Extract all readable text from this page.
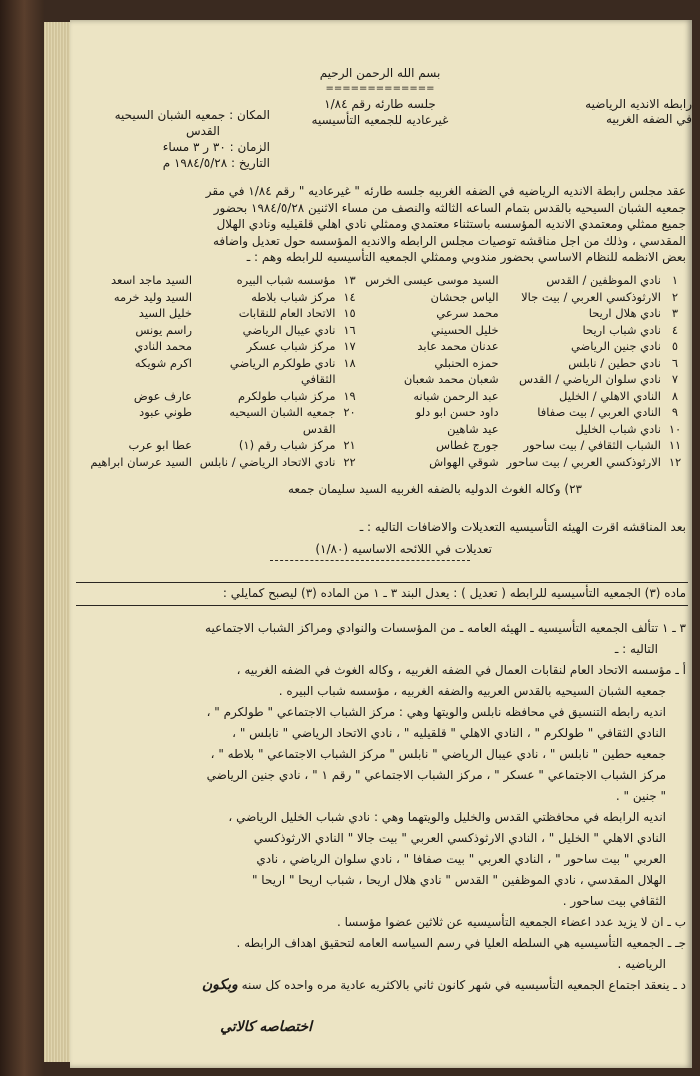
بسم الله الرحمن الرحيم
=============
جلسه طارئه رقم ١/٨٤
غيرعاديه للجمعيه التأسيسيه
رابطه الانديه الرياضيه
في الضفه الغربيه
المكان : جمعيه الشبان السيحيه
القدس
الزمان : ٣٠ ر ٣ مساء
التاريخ : ١٩٨٤/٥/٢٨ م
عقد مجلس رابطة الانديه الرياضيه في الضفه الغربيه جلسه طارئه " غيرعاديه " رقم ١/٨٤ في مقر
جمعيه الشبان السيحيه بالقدس بتمام الساعه الثالثه والنصف من مساء الاثنين ١٩٨٤/٥/٢٨ بحضور
جميع ممثلي ومعتمدي الانديه المؤسسه باستثناء معتمدي وممثلي نادي اهلي قلقيليه ونادي الهلال
المقدسي ، وذلك من اجل مناقشه توصيات مجلس الرابطه والانديه المؤسسه حول تعديل واضافه
بعض الانظمه للنظام الاساسي بحضور مندوبي وممثلي الجمعيه التأسيسيه للرابطه وهم : ـ
١	نادي الموظفين / القدس	السيد موسى عيسى الخرس	١٣	مؤسسه شباب البيره	السيد ماجد اسعد
٢	الارثوذكسي العربي / بيت جالا	الياس جحشان	١٤	مركز شباب بلاطه	السيد وليد خرمه
٣	نادي هلال اريحا	محمد سرعي	١٥	الاتحاد العام للنقابات	خليل السيد
٤	نادي شباب اريحا	خليل الحسيني	١٦	نادي عيبال الرياضي	راسم يونس
٥	نادي جنين الرياضي	عدنان محمد عابد	١٧	مركز شباب عسكر	محمد النادي
٦	نادي حطين / نابلس	حمزه الحنبلي	١٨	نادي طولكرم الرياضي	اكرم شويكه
٧	نادي سلوان الرياضي / القدس	شعبان محمد شعبان		الثقافي	
٨	النادي الاهلي / الخليل	عبد الرحمن شبانه	١٩	مركز شباب طولكرم	عارف عوض
٩	النادي العربي / بيت صفافا	داود حسن ابو دلو	٢٠	جمعيه الشبان السيحيه	طوني عبود
١٠	نادي شباب الخليل	عيد شاهين		القدس	
١١	الشباب الثقافي / بيت ساحور	جورج غطاس	٢١	مركز شباب رقم (١)	عطا ابو عرب
١٢	الارثوذكسي العربي / بيت ساحور	شوقي الهواش	٢٢	نادي الاتحاد الرياضي / نابلس	السيد عرسان ابراهيم
٢٣) وكاله الغوث الدوليه بالضفه الغربيه السيد سليمان جمعه
بعد المناقشه اقرت الهيئه التأسيسيه التعديلات والاضافات التاليه : ـ
تعديلات في اللائحه الاساسيه (١/٨٠)
ماده (٣) الجمعيه التأسيسيه للرابطه ( تعديل ) : يعدل البند ٣ ـ ١ من الماده (٣) ليصبح كمايلي :
٣ ـ ١ تتألف الجمعيه التأسيسيه ـ الهيئه العامه ـ من المؤسسات والنوادي ومراكز الشباب الاجتماعيه
التاليه : ـ
أ ـ مؤسسه الاتحاد العام لنقابات العمال في الضفه الغربيه ، وكاله الغوث في الضفه الغربيه ،
جمعيه الشبان السيحيه بالقدس العربيه والضفه الغربيه ، مؤسسه شباب البيره .
انديه رابطه التنسيق في محافظه نابلس والويتها وهي : مركز الشباب الاجتماعي " طولكرم " ،
النادي الثقافي " طولكرم " ، النادي الاهلي " قلقيليه " ، نادي الاتحاد الرياضي " نابلس " ،
جمعيه حطين " نابلس " ، نادي عيبال الرياضي " نابلس " مركز الشباب الاجتماعي " بلاطه " ،
مركز الشباب الاجتماعي " عسكر " ، مركز الشباب الاجتماعي " رقم ١ " ، نادي جنين الرياضي
" جنين " .
انديه الرابطه في محافظتي القدس والخليل والويتهما وهي : نادي شباب الخليل الرياضي ،
النادي الاهلي " الخليل " ، النادي الارثوذكسي العربي " بيت جالا " النادي الارثوذكسي
العربي " بيت ساحور " ، النادي العربي " بيت صفافا " ، نادي سلوان الرياضي ، نادي
الهلال المقدسي ، نادي الموظفين " القدس " نادي هلال اريحا ، شباب اريحا " اريحا "
الثقافي بيت ساحور .
ب ـ ان لا يزيد عدد اعضاء الجمعيه التأسيسيه عن ثلاثين عضوا مؤسسا .
جـ ـ الجمعيه التأسيسيه هي السلطه العليا في رسم السياسه العامه لتحقيق اهداف الرابطه .
الرياضيه .
د ـ ينعقد اجتماع الجمعيه التأسيسيه في شهر كانون ثاني بالاكثريه عادية مره واحده كل سنه وبكون
اختصاصه كالاتي
